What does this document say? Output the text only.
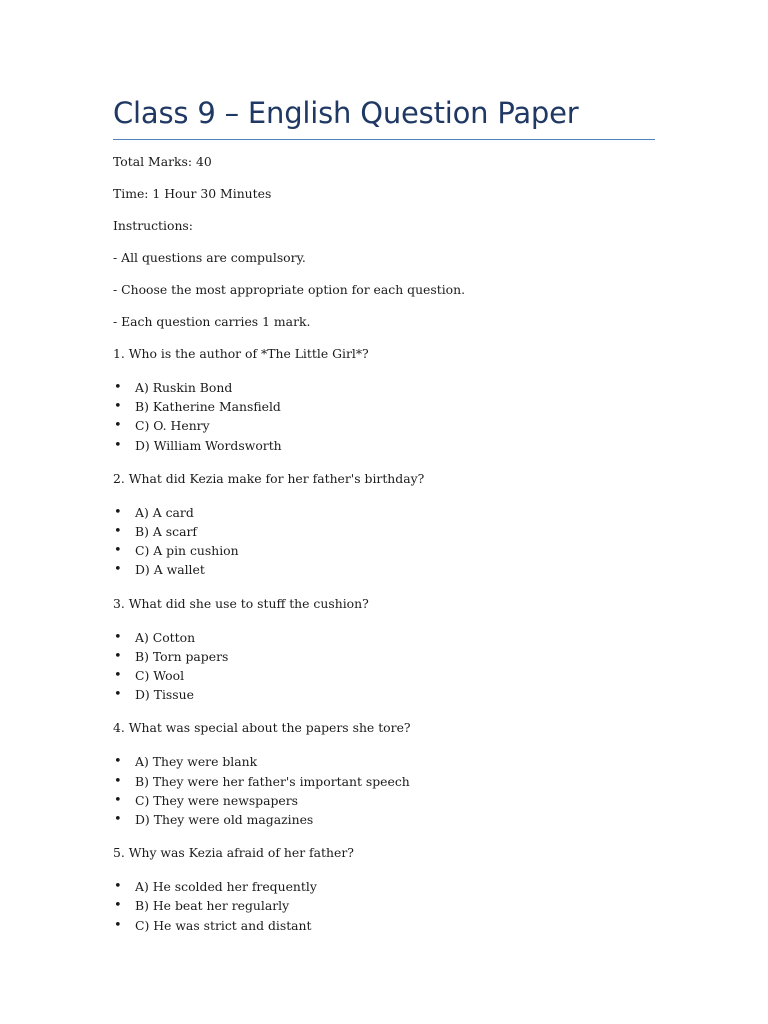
Class 9 – English Question Paper

Total Marks: 40

Time: 1 Hour 30 Minutes

Instructions:

- All questions are compulsory.

- Choose the most appropriate option for each question.

- Each question carries 1 mark.

1. Who is the author of *The Little Girl*?

• A) Ruskin Bond
• B) Katherine Mansfield
• C) O. Henry
• D) William Wordsworth

2. What did Kezia make for her father's birthday?

• A) A card
• B) A scarf
• C) A pin cushion
• D) A wallet

3. What did she use to stuff the cushion?

• A) Cotton
• B) Torn papers
• C) Wool
• D) Tissue

4. What was special about the papers she tore?

• A) They were blank
• B) They were her father's important speech
• C) They were newspapers
• D) They were old magazines

5. Why was Kezia afraid of her father?

• A) He scolded her frequently
• B) He beat her regularly
• C) He was strict and distant
